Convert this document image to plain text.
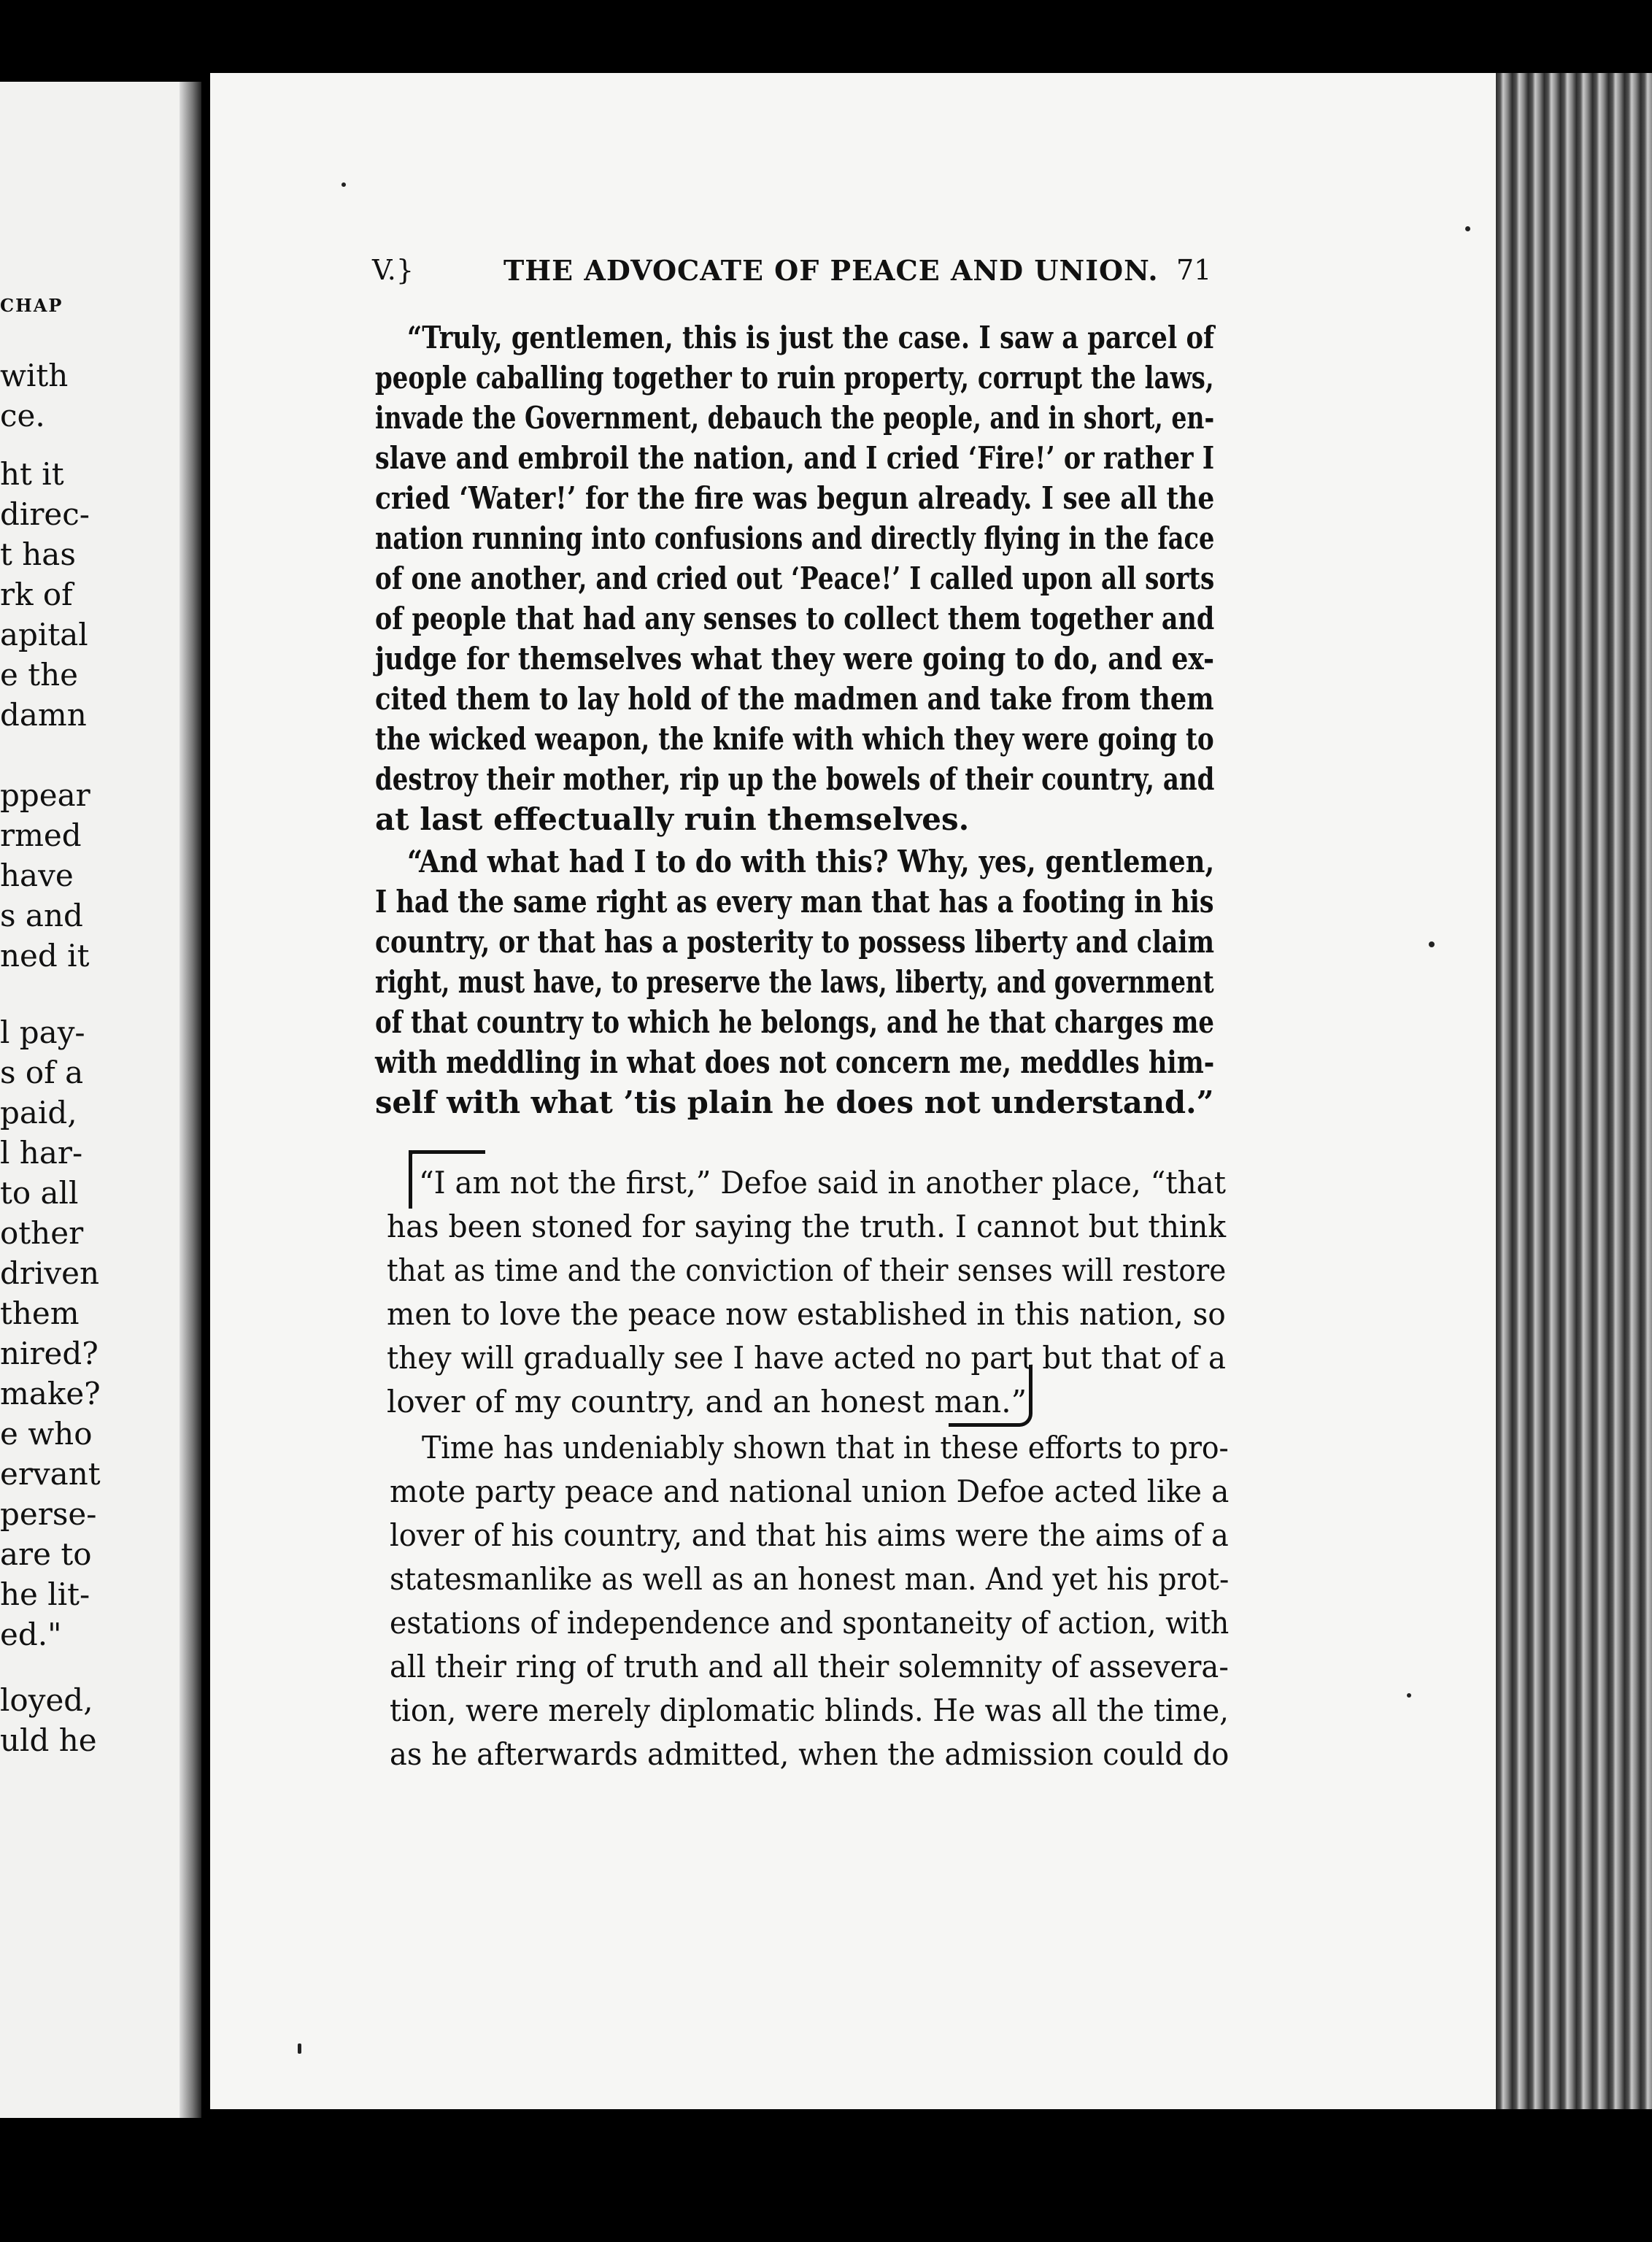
CHAP
with
ce.
ht it
direc-
t has
rk of
apital
e the
damn
ppear
rmed
have
s and
ned it
l pay-
s of a
paid,
l har-
to all
other
driven
them
nired?
make?
e who
ervant
perse-
are to
he lit-
ed."
loyed,
uld he
V.}	THE ADVOCATE OF PEACE AND UNION. 71
“Truly, gentlemen, this is just the case. I saw a parcel of
people caballing together to ruin property, corrupt the laws,
invade the Government, debauch the people, and in short, en-
slave and embroil the nation, and I cried ‘Fire!’ or rather I
cried ‘Water!’ for the fire was begun already. I see all the
nation running into confusions and directly flying in the face
of one another, and cried out ‘Peace!’ I called upon all sorts
of people that had any senses to collect them together and
judge for themselves what they were going to do, and ex-
cited them to lay hold of the madmen and take from them
the wicked weapon, the knife with which they were going to
destroy their mother, rip up the bowels of their country, and
at last effectually ruin themselves.
“And what had I to do with this? Why, yes, gentlemen,
I had the same right as every man that has a footing in his
country, or that has a posterity to possess liberty and claim
right, must have, to preserve the laws, liberty, and government
of that country to which he belongs, and he that charges me
with meddling in what does not concern me, meddles him-
self with what ’tis plain he does not understand.”
“I am not the first,” Defoe said in another place, “that
has been stoned for saying the truth. I cannot but think
that as time and the conviction of their senses will restore
men to love the peace now established in this nation, so
they will gradually see I have acted no part but that of a
lover of my country, and an honest man.”
Time has undeniably shown that in these efforts to pro-
mote party peace and national union Defoe acted like a
lover of his country, and that his aims were the aims of a
statesmanlike as well as an honest man. And yet his prot-
estations of independence and spontaneity of action, with
all their ring of truth and all their solemnity of assevera-
tion, were merely diplomatic blinds. He was all the time,
as he afterwards admitted, when the admission could do
